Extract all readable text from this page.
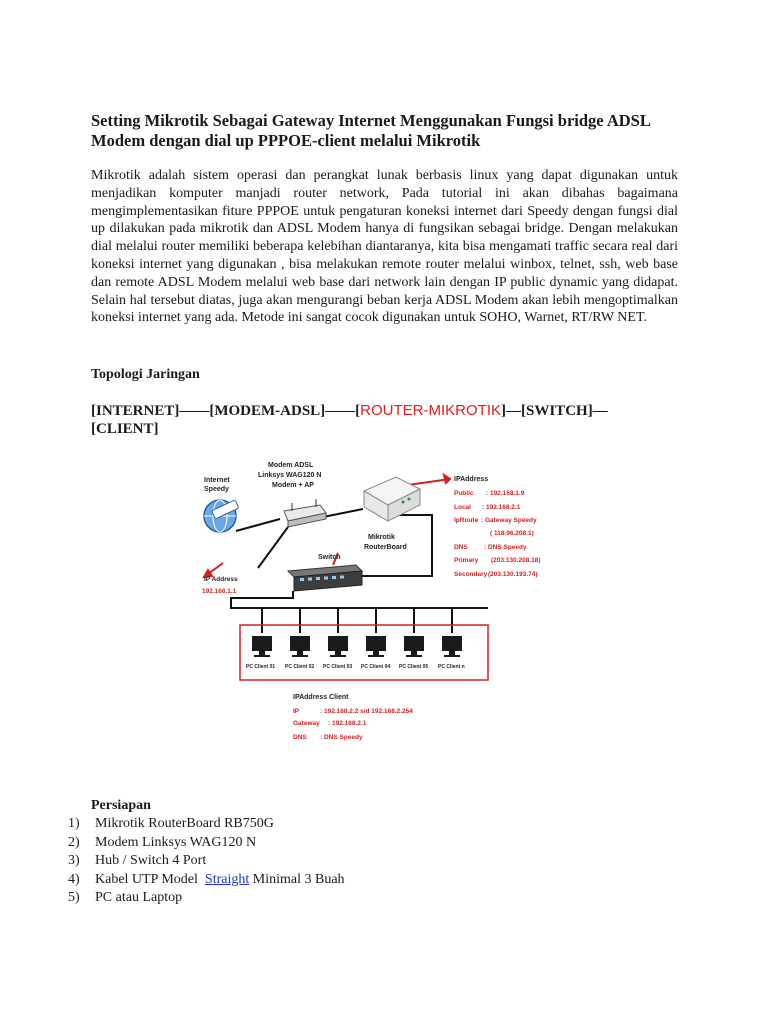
Setting Mikrotik Sebagai Gateway Internet Menggunakan Fungsi bridge ADSL Modem dengan dial up PPPOE-client melalui Mikrotik

Mikrotik adalah sistem operasi dan perangkat lunak berbasis linux yang dapat digunakan untuk menjadikan komputer manjadi router network, Pada tutorial ini akan dibahas bagaimana mengimplementasikan fiture PPPOE untuk pengaturan koneksi internet dari Speedy dengan fungsi dial up dilakukan pada mikrotik dan ADSL Modem hanya di fungsikan sebagai bridge. Dengan melakukan dial melalui router memiliki beberapa kelebihan diantaranya, kita bisa mengamati traffic secara real dari koneksi internet yang digunakan , bisa melakukan remote router melalui winbox, telnet, ssh, web base dan remote ADSL Modem melalui web base dari network lain dengan IP public dynamic yang didapat. Selain hal tersebut diatas, juga akan mengurangi beban kerja ADSL Modem akan lebih mengoptimalkan koneksi internet yang ada. Metode ini sangat cocok digunakan untuk SOHO, Warnet, RT/RW NET.

Topologi Jaringan

[INTERNET]——[MODEM-ADSL]——[ROUTER-MIKROTIK]—[SWITCH]—[CLIENT]

Internet
Speedy
Modem ADSL
Linksys WAG120 N
Modem + AP
Mikrotik
RouterBoard
Switch
IP Address
192.168.1.1
IPAddress
Public : 192.168.1.9
Local : 192.168.2.1
IpRoute : Gateway Speedy
( 118.96.208.1)
DNS	: DNS Speedy
Primary (203.130.208.18)
Secondary (203.130.193.74)
PC Client 01 PC Client 02 PC Client 03 PC Client 04 PC Client 05 PC Client n
IPAddress Client
IP	: 192.168.2.2 s/d 192.168.2.254
Gateway : 192.168.2.1
DNS : DNS Speedy

Persiapan

1)	Mikrotik RouterBoard RB750G
2)	Modem Linksys WAG120 N
3)	Hub / Switch 4 Port
4)	Kabel UTP Model  Straight Minimal 3 Buah
5)	PC atau Laptop
